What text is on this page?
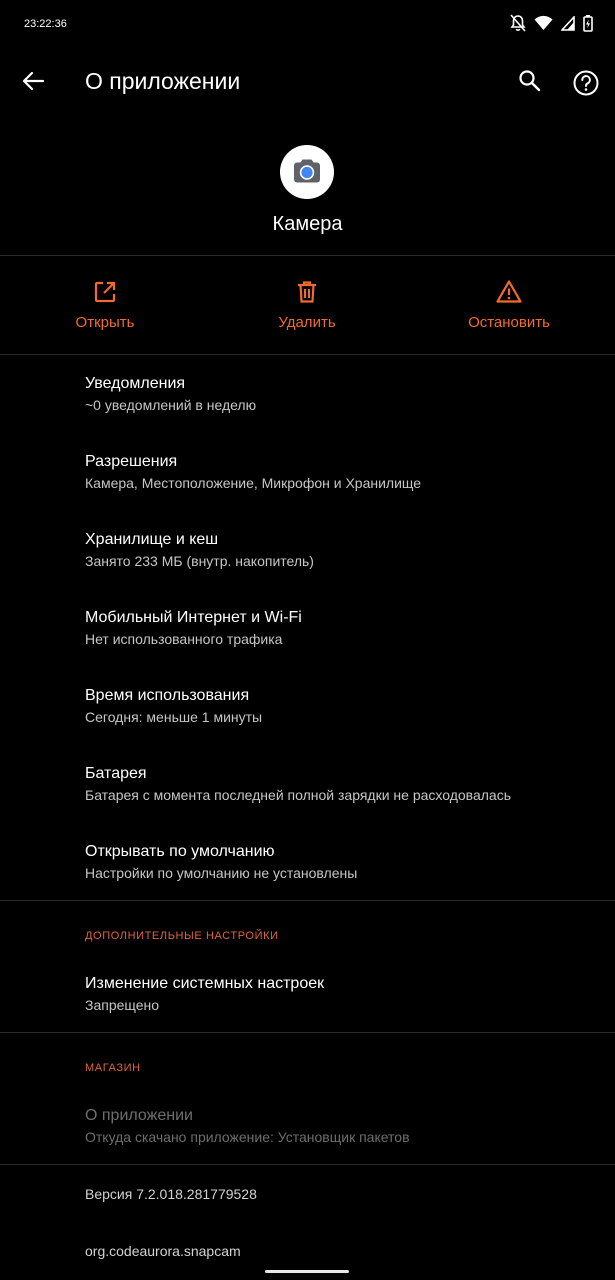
23:22:36
О приложении
Камера
Открыть	Удалить	Остановить
Уведомления
~0 уведомлений в неделю
Разрешения
Камера, Местоположение, Микрофон и Хранилище
Хранилище и кеш
Занято 233 МБ (внутр. накопитель)
Мобильный Интернет и Wi-Fi
Нет использованного трафика
Время использования
Сегодня: меньше 1 минуты
Батарея
Батарея с момента последней полной зарядки не расходовалась
Открывать по умолчанию
Настройки по умолчанию не установлены
ДОПОЛНИТЕЛЬНЫЕ НАСТРОЙКИ
Изменение системных настроек
Запрещено
МАГАЗИН
О приложении
Откуда скачано приложение: Установщик пакетов
Версия 7.2.018.281779528
org.codeaurora.snapcam
